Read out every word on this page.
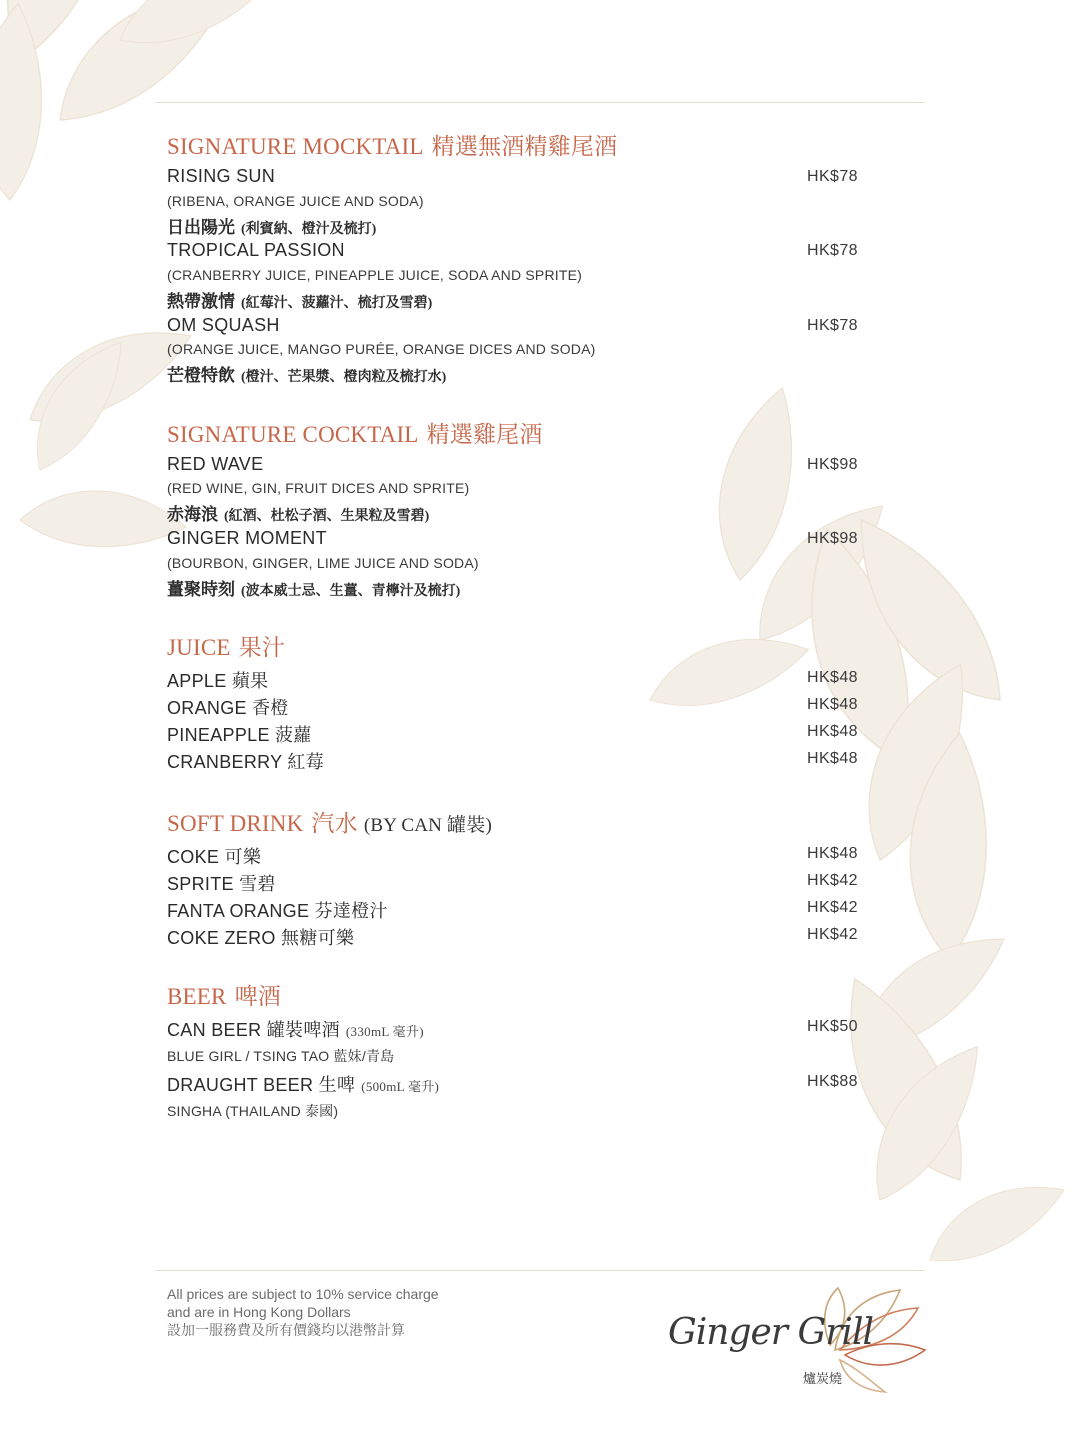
SIGNATURE MOCKTAIL 精選無酒精雞尾酒
RISING SUN	HK$78
(RIBENA, ORANGE JUICE AND SODA)
日出陽光 (利賓納、橙汁及梳打)
TROPICAL PASSION	HK$78
(CRANBERRY JUICE, PINEAPPLE JUICE, SODA AND SPRITE)
熱帶激情 (紅莓汁、菠蘿汁、梳打及雪碧)
OM SQUASH	HK$78
(ORANGE JUICE, MANGO PURÉE, ORANGE DICES AND SODA)
芒橙特飲 (橙汁、芒果漿、橙肉粒及梳打水)
SIGNATURE COCKTAIL 精選雞尾酒
RED WAVE	HK$98
(RED WINE, GIN, FRUIT DICES AND SPRITE)
赤海浪 (紅酒、杜松子酒、生果粒及雪碧)
GINGER MOMENT	HK$98
(BOURBON, GINGER, LIME JUICE AND SODA)
薑聚時刻 (波本威士忌、生薑、青檸汁及梳打)
JUICE 果汁
APPLE 蘋果	HK$48
ORANGE 香橙	HK$48
PINEAPPLE 菠蘿	HK$48
CRANBERRY 紅莓	HK$48
SOFT DRINK 汽水 (BY CAN 罐裝)
COKE 可樂	HK$48
SPRITE 雪碧	HK$42
FANTA ORANGE 芬達橙汁	HK$42
COKE ZERO 無糖可樂	HK$42
BEER 啤酒
CAN BEER 罐裝啤酒 (330mL 毫升)	HK$50
BLUE GIRL / TSING TAO 藍妹/青島
DRAUGHT BEER 生啤 (500mL 毫升)	HK$88
SINGHA (THAILAND 泰國)
All prices are subject to 10% service charge
and are in Hong Kong Dollars
設加一服務費及所有價錢均以港幣計算	Ginger Grill
爐炭燒
